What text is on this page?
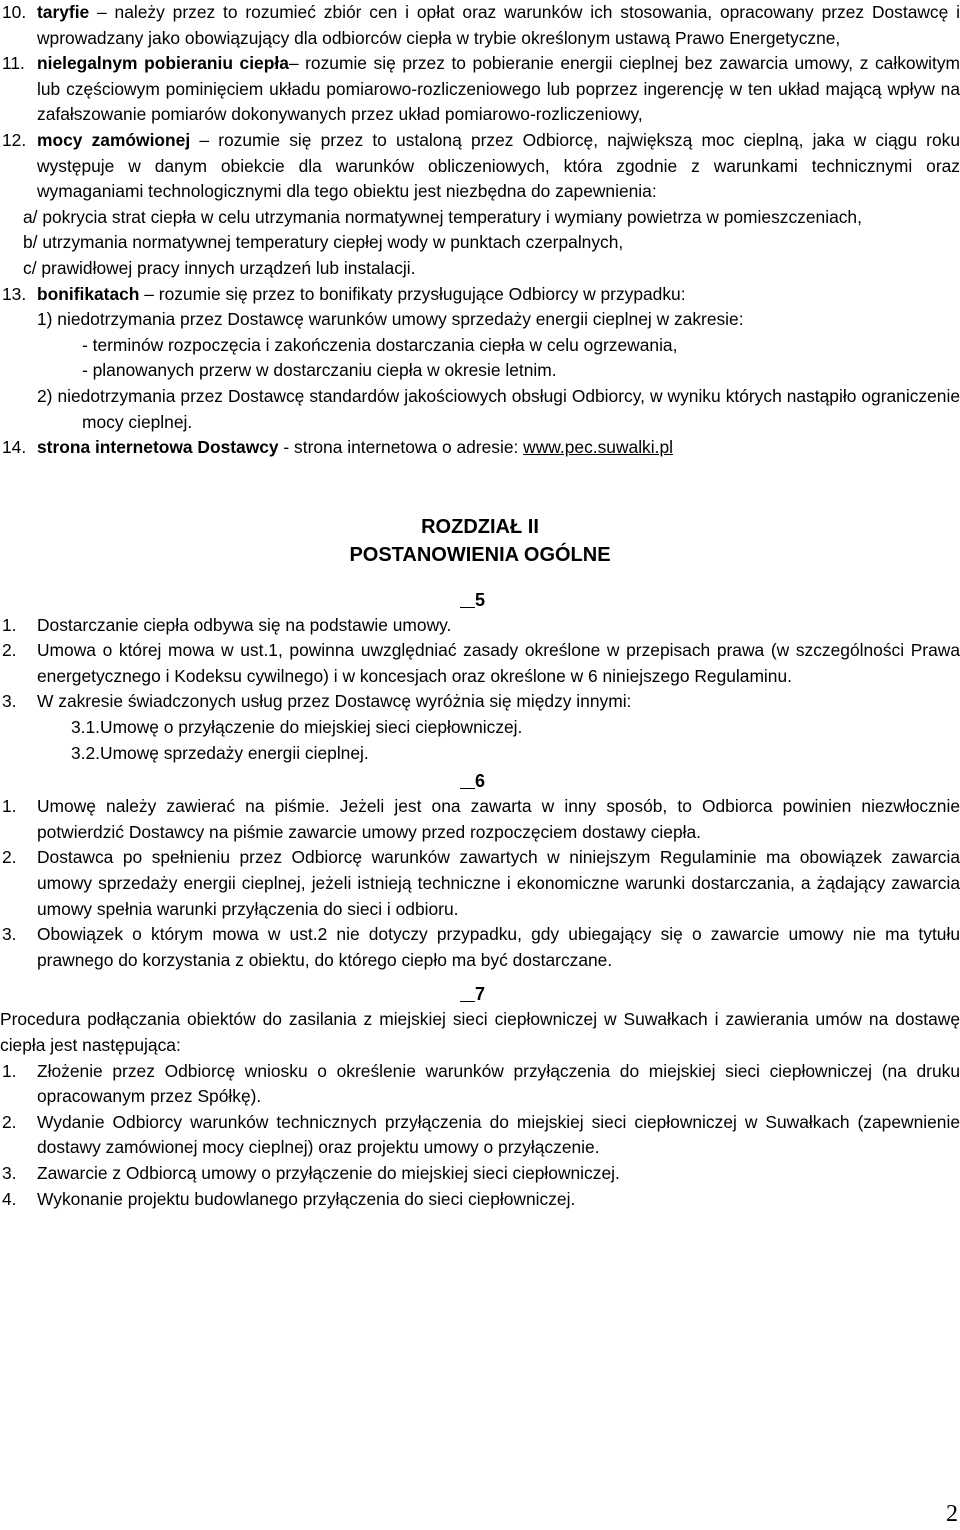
10. taryfie – należy przez to rozumieć zbiór cen i opłat oraz warunków ich stosowania, opracowany przez Dostawcę i wprowadzany jako obowiązujący dla odbiorców ciepła w trybie określonym ustawą Prawo Energetyczne,

11. nielegalnym pobieraniu ciepła– rozumie się przez to pobieranie energii cieplnej bez zawarcia umowy, z całkowitym lub częściowym pominięciem układu pomiarowo-rozliczeniowego lub poprzez ingerencję w ten układ mającą wpływ na zafałszowanie pomiarów dokonywanych przez układ pomiarowo-rozliczeniowy,

12. mocy zamówionej – rozumie się przez to ustaloną przez Odbiorcę, największą moc cieplną, jaka w ciągu roku występuje w danym obiekcie dla warunków obliczeniowych, która zgodnie z warunkami technicznymi oraz wymaganiami technologicznymi dla tego obiektu jest niezbędna do zapewnienia:

a/ pokrycia strat ciepła w celu utrzymania normatywnej temperatury i wymiany powietrza w pomieszczeniach,

b/ utrzymania normatywnej temperatury ciepłej wody w punktach czerpalnych,

c/ prawidłowej pracy innych urządzeń lub instalacji.

13. bonifikatach – rozumie się przez to bonifikaty przysługujące Odbiorcy w przypadku:

1) niedotrzymania przez Dostawcę warunków umowy sprzedaży energii cieplnej w zakresie:

- terminów rozpoczęcia i zakończenia dostarczania ciepła w celu ogrzewania,

- planowanych przerw w dostarczaniu ciepła w okresie letnim.

2) niedotrzymania przez Dostawcę standardów jakościowych obsługi Odbiorcy, w wyniku których nastąpiło ograniczenie mocy cieplnej.

14. strona internetowa Dostawcy - strona internetowa o adresie: www.pec.suwalki.pl

ROZDZIAŁ II

POSTANOWIENIA OGÓLNE

5

1. Dostarczanie ciepła odbywa się na podstawie umowy.

2. Umowa o której mowa w ust.1, powinna uwzględniać zasady określone w przepisach prawa (w szczególności Prawa energetycznego i Kodeksu cywilnego) i w koncesjach oraz określone w 6 niniejszego Regulaminu.

3. W zakresie świadczonych usług przez Dostawcę wyróżnia się między innymi:

3.1.Umowę o przyłączenie do miejskiej sieci ciepłowniczej.

3.2.Umowę sprzedaży energii cieplnej.

6

1. Umowę należy zawierać na piśmie. Jeżeli jest ona zawarta w inny sposób, to Odbiorca powinien niezwłocznie potwierdzić Dostawcy na piśmie zawarcie umowy przed rozpoczęciem dostawy ciepła.

2. Dostawca po spełnieniu przez Odbiorcę warunków zawartych w niniejszym Regulaminie ma obowiązek zawarcia umowy sprzedaży energii cieplnej, jeżeli istnieją techniczne i ekonomiczne warunki dostarczania, a żądający zawarcia umowy spełnia warunki przyłączenia do sieci i odbioru.

3. Obowiązek o którym mowa w ust.2 nie dotyczy przypadku, gdy ubiegający się o zawarcie umowy nie ma tytułu prawnego do korzystania z obiektu, do którego ciepło ma być dostarczane.

7

Procedura podłączania obiektów do zasilania z miejskiej sieci ciepłowniczej w Suwałkach i zawierania umów na dostawę ciepła jest następująca:

1. Złożenie przez Odbiorcę wniosku o określenie warunków przyłączenia do miejskiej sieci ciepłowniczej (na druku opracowanym przez Spółkę).

2. Wydanie Odbiorcy warunków technicznych przyłączenia do miejskiej sieci ciepłowniczej w Suwałkach (zapewnienie dostawy zamówionej mocy cieplnej) oraz projektu umowy o przyłączenie.

3. Zawarcie z Odbiorcą umowy o przyłączenie do miejskiej sieci ciepłowniczej.

4. Wykonanie projektu budowlanego przyłączenia do sieci ciepłowniczej.

2
